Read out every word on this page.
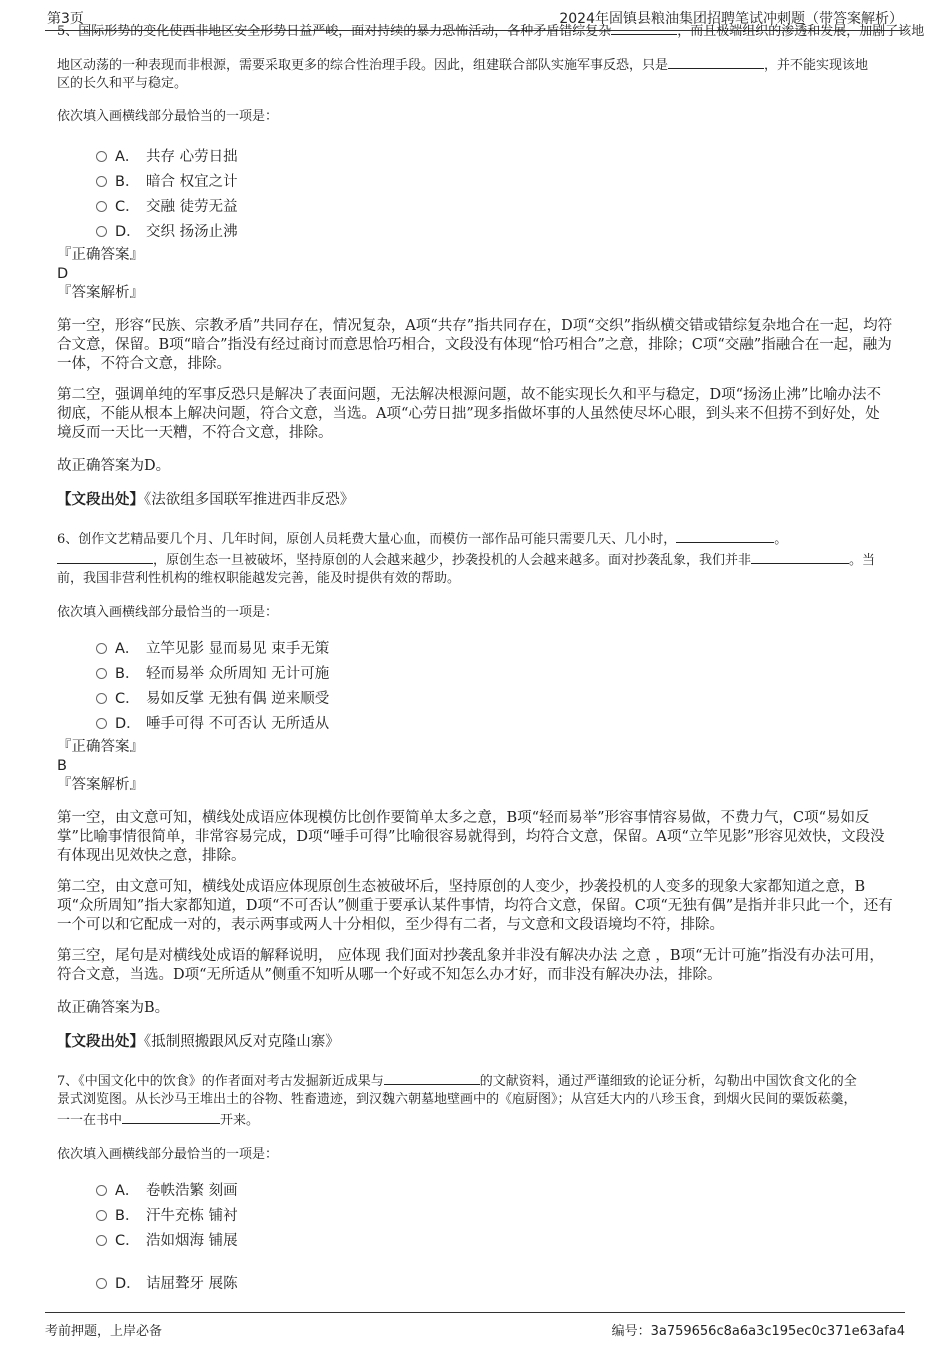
第3页	2024年固镇县粮油集团招聘笔试冲刺题（带答案解析）
5、国际形势的变化使西非地区安全形势日益严峻，面对持续的暴力恐怖活动，各种矛盾错综复杂	，而且极端组织的渗透和发展，加剧了该地

地区动荡的一种表现而非根源，需要采取更多的综合性治理手段。因此，组建联合部队实施军事反恐，只是	，并不能实现该地

区的长久和平与稳定。

依次填入画横线部分最恰当的一项是：

A． 共存 心劳日拙
B． 暗合 权宜之计
C． 交融 徒劳无益
D． 交织 扬汤止沸
『正确答案』
D
『答案解析』

第一空，形容“民族、宗教矛盾”共同存在，情况复杂，A项“共存”指共同存在，D项“交织”指纵横交错或错综复杂地合在一起，均符合文意，保留。B项“暗合”指没有经过商讨而意思恰巧相合，文段没有体现“恰巧相合”之意，排除；C项“交融”指融合在一起，融为一体，不符合文意，排除。

第二空，强调单纯的军事反恐只是解决了表面问题，无法解决根源问题，故不能实现长久和平与稳定，D项“扬汤止沸”比喻办法不彻底，不能从根本上解决问题，符合文意，当选。A项“心劳日拙”现多指做坏事的人虽然使尽坏心眼，到头来不但捞不到好处，处境反而一天比一天糟，不符合文意，排除。

故正确答案为D。

【文段出处】《法欲组多国联军推进西非反恐》

6、创作文艺精品要几个月、几年时间，原创人员耗费大量心血，而模仿一部作品可能只需要几天、几小时，	。
，原创生态一旦被破坏，坚持原创的人会越来越少，抄袭投机的人会越来越多。面对抄袭乱象，我们并非	。当
前，我国非营利性机构的维权职能越发完善，能及时提供有效的帮助。

依次填入画横线部分最恰当的一项是：

A． 立竿见影 显而易见 束手无策
B． 轻而易举 众所周知 无计可施
C． 易如反掌 无独有偶 逆来顺受
D． 唾手可得 不可否认 无所适从
『正确答案』
B
『答案解析』

第一空，由文意可知，横线处成语应体现模仿比创作要简单太多之意，B项“轻而易举”形容事情容易做，不费力气，C项“易如反掌”比喻事情很简单，非常容易完成，D项“唾手可得”比喻很容易就得到，均符合文意，保留。A项“立竿见影”形容见效快，文段没有体现出见效快之意，排除。

第二空，由文意可知，横线处成语应体现原创生态被破坏后，坚持原创的人变少，抄袭投机的人变多的现象大家都知道之意，B项“众所周知”指大家都知道，D项“不可否认”侧重于要承认某件事情，均符合文意，保留。C项“无独有偶”是指并非只此一个，还有一个可以和它配成一对的，表示两事或两人十分相似，至少得有二者，与文意和文段语境均不符，排除。

第三空，尾句是对横线处成语的解释说明， 应体现 我们面对抄袭乱象并非没有解决办法 之意 ，B项“无计可施”指没有办法可用，符合文意，当选。D项“无所适从”侧重不知听从哪一个好或不知怎么办才好，而非没有解决办法，排除。

故正确答案为B。

【文段出处】《抵制照搬跟风反对克隆山寨》

7、《中国文化中的饮食》的作者面对考古发掘新近成果与	的文献资料，通过严谨细致的论证分析，勾勒出中国饮食文化的全
景式浏览图。从长沙马王堆出土的谷物、牲畜遗迹，到汉魏六朝墓地壁画中的《庖厨图》；从宫廷大内的八珍玉食，到烟火民间的粟饭菘羹，
一一在书中	开来。

依次填入画横线部分最恰当的一项是：

A． 卷帙浩繁 刻画
B． 汗牛充栋 铺衬
C． 浩如烟海 铺展
D． 诘屈聱牙 展陈
考前押题，上岸必备	编号：3a759656c8a6a3c195ec0c371e63afa4
